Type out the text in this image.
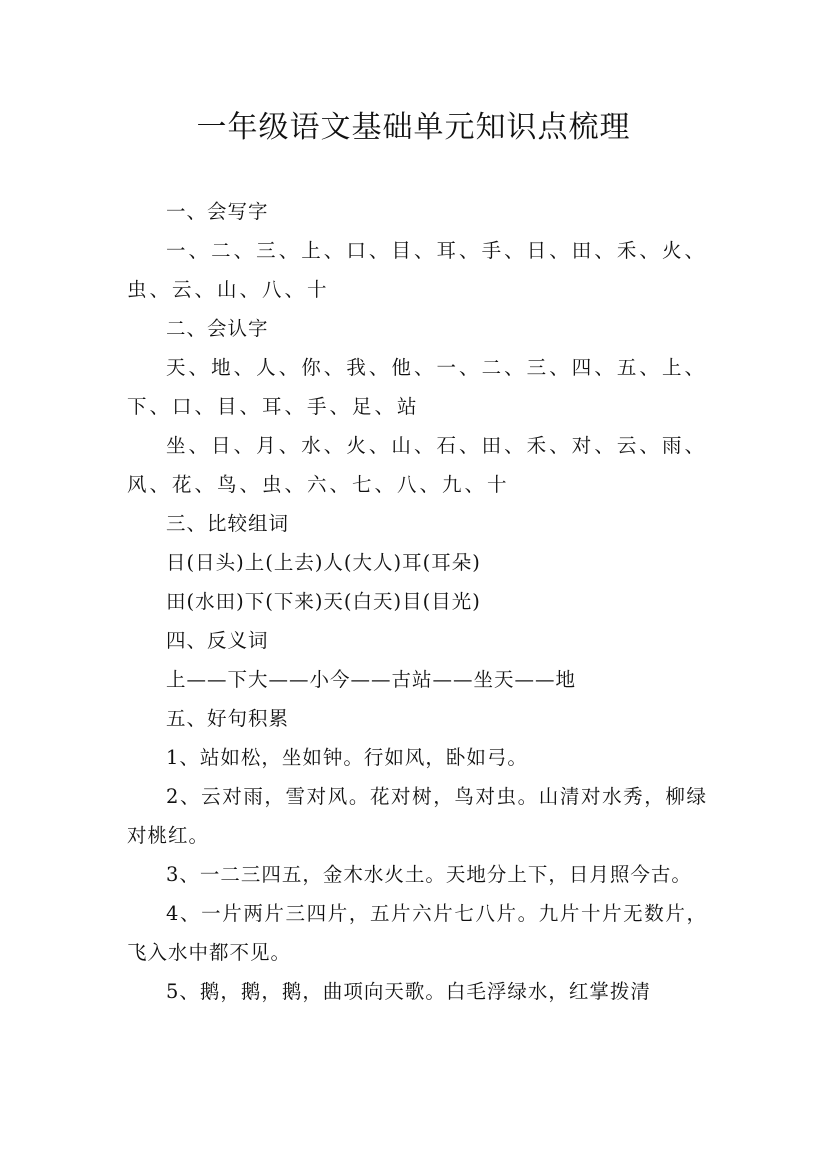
一年级语文基础单元知识点梳理

一、会写字

一、二、三、上、口、目、耳、手、日、田、禾、火、虫、云、山、八、十

二、会认字

天、地、人、你、我、他、一、二、三、四、五、上、下、口、目、耳、手、足、站

坐、日、月、水、火、山、石、田、禾、对、云、雨、风、花、鸟、虫、六、七、八、九、十

三、比较组词

日(日头)上(上去)人(大人)耳(耳朵)

田(水田)下(下来)天(白天)目(目光)

四、反义词

上——下大——小今——古站——坐天——地

五、好句积累

1、站如松，坐如钟。行如风，卧如弓。

2、云对雨，雪对风。花对树，鸟对虫。山清对水秀，柳绿对桃红。

3、一二三四五，金木水火土。天地分上下，日月照今古。

4、一片两片三四片，五片六片七八片。九片十片无数片，飞入水中都不见。

5、鹅，鹅，鹅，曲项向天歌。白毛浮绿水，红掌拨清
